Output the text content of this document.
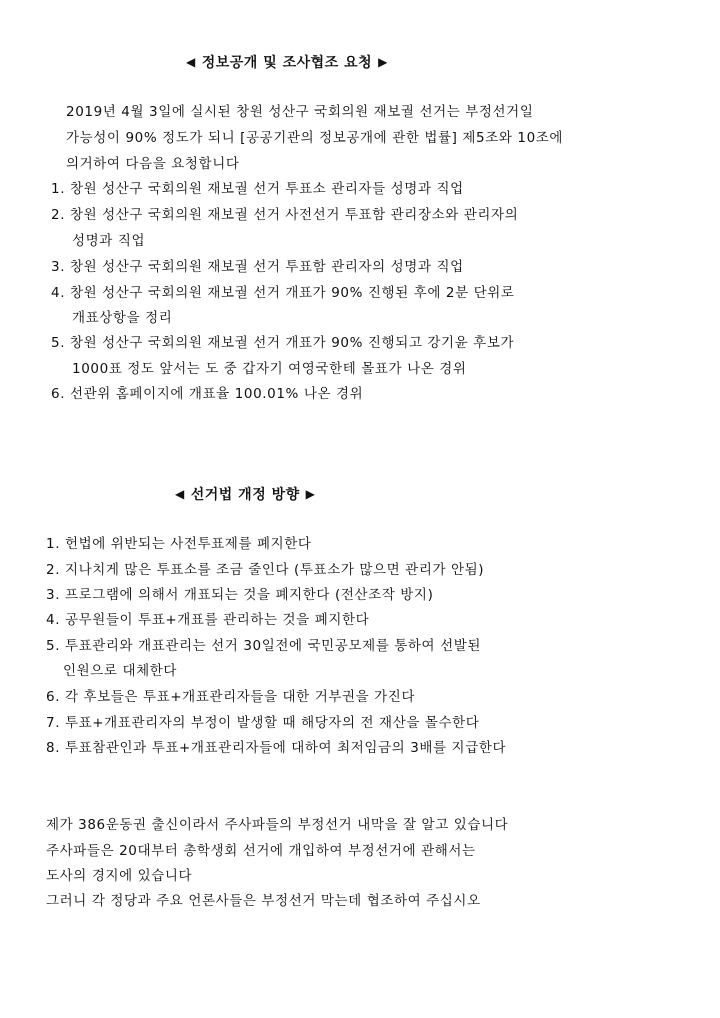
◀ 정보공개 및 조사협조 요청 ▶
2019년 4월 3일에 실시된 창원 성산구 국회의원 재보궐 선거는 부정선거일
가능성이 90% 정도가 되니 [공공기관의 정보공개에 관한 법률] 제5조와 10조에
의거하여 다음을 요청합니다
1. 창원 성산구 국회의원 재보궐 선거 투표소 관리자들 성명과 직업
2. 창원 성산구 국회의원 재보궐 선거 사전선거 투표함 관리장소와 관리자의
성명과 직업
3. 창원 성산구 국회의원 재보궐 선거 투표함 관리자의 성명과 직업
4. 창원 성산구 국회의원 재보궐 선거 개표가 90% 진행된 후에 2분 단위로
개표상항을 정리
5. 창원 성산구 국회의원 재보궐 선거 개표가 90% 진행되고 강기윤 후보가
1000표 정도 앞서는 도 중 갑자기 여영국한테 몰표가 나온 경위
6. 선관위 홈페이지에 개표율 100.01% 나온 경위
◀ 선거법 개정 방향 ▶
1. 헌법에 위반되는 사전투표제를 폐지한다
2. 지나치게 많은 투표소를 조금 줄인다 (투표소가 많으면 관리가 안됨)
3. 프로그램에 의해서 개표되는 것을 폐지한다 (전산조작 방지)
4. 공무원들이 투표+개표를 관리하는 것을 폐지한다
5. 투표관리와 개표관리는 선거 30일전에 국민공모제를 통하여 선발된
인원으로 대체한다
6. 각 후보들은 투표+개표관리자들을 대한 거부권을 가진다
7. 투표+개표관리자의 부정이 발생할 때 해당자의 전 재산을 몰수한다
8. 투표참관인과 투표+개표관리자들에 대하여 최저임금의 3배를 지급한다
제가 386운동권 출신이라서 주사파들의 부정선거 내막을 잘 알고 있습니다
주사파들은 20대부터 총학생회 선거에 개입하여 부정선거에 관해서는
도사의 경지에 있습니다
그러니 각 정당과 주요 언론사들은 부정선거 막는데 협조하여 주십시오
